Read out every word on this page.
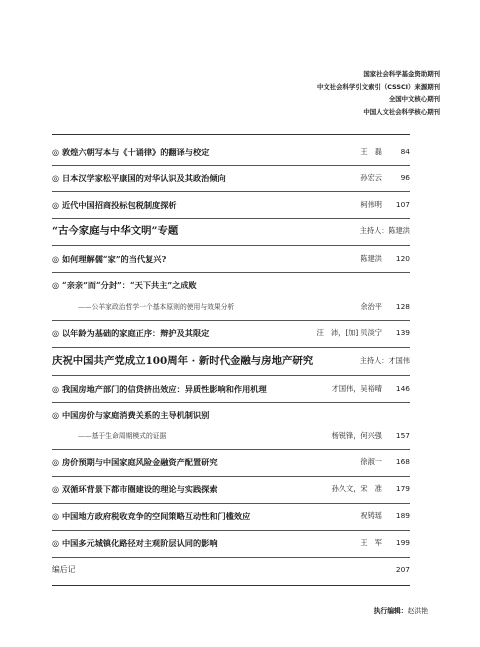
国家社会科学基金资助期刊
中文社会科学引文索引（CSSCI）来源期刊
全国中文核心期刊
中国人文社会科学核心期刊
◎ 敦煌六朝写本与《十诵律》的翻译与校定	王　磊	84
◎ 日本汉学家松平康国的对华认识及其政治倾向	孙宏云	96
◎ 近代中国招商投标包税制度探析	柯伟明 107
“古今家庭与中华文明”专题	主持人：陈建洪
◎ 如何理解儒“家”的当代复兴?	陈建洪 120
◎ “亲亲”而“分封”：“天下共主”之成败
——公羊家政治哲学一个基本原则的使用与效果分析	余治平 128
◎ 以年龄为基础的家庭正序：辩护及其限定	汪　沛，[加] 贝淡宁 139
庆祝中国共产党成立100周年 · 新时代金融与房地产研究	主持人：才国伟
◎ 我国房地产部门的信贷挤出效应：异质性影响和作用机理	才国伟，吴裕晴 146
◎ 中国房价与家庭消费关系的主导机制识别
——基于生命周期模式的证据	杨锐锋，何兴强 157
◎ 房价预期与中国家庭风险金融资产配置研究	徐淑一 168
◎ 双循环背景下都市圈建设的理论与实践探索	孙久文，宋　准 179
◎ 中国地方政府税收竞争的空间策略互动性和门槛效应	祝铸瑶 189
◎ 中国多元城镇化路径对主观阶层认同的影响	王　军 199
编后记	207
执行编辑：赵洪艳
